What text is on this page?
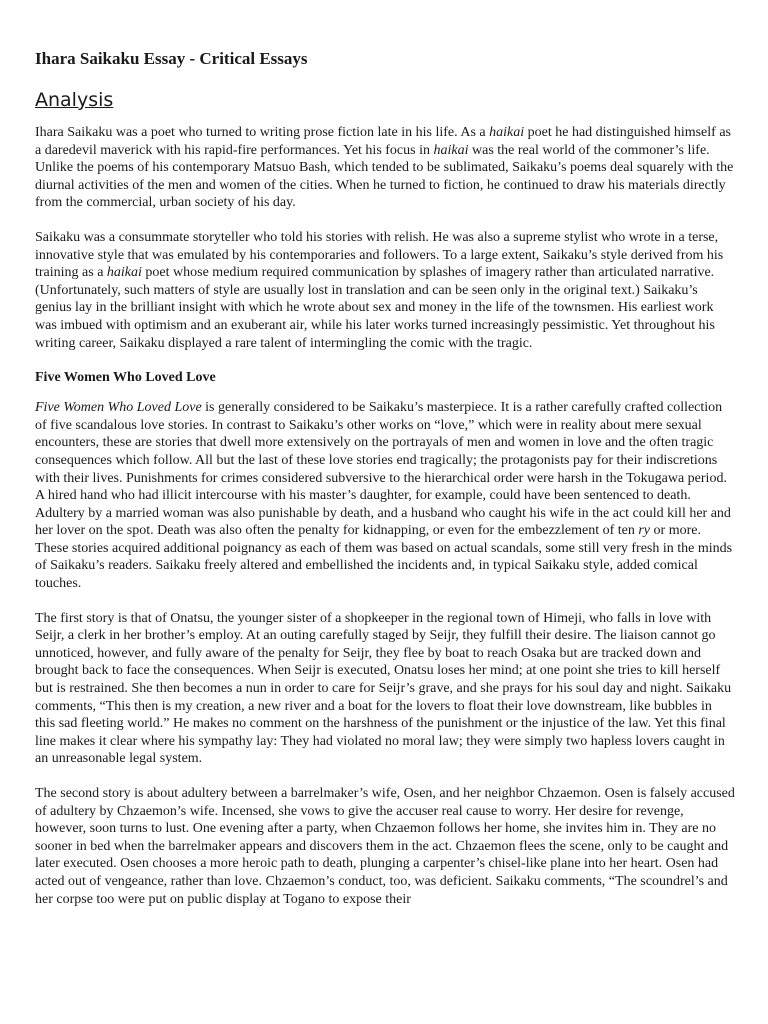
Ihara Saikaku Essay - Critical Essays
Analysis

Ihara Saikaku was a poet who turned to writing prose fiction late in his life. As a haikai poet he had distinguished himself as a daredevil maverick with his rapid-fire performances. Yet his focus in haikai was the real world of the commoner’s life. Unlike the poems of his contemporary Matsuo Bash, which tended to be sublimated, Saikaku’s poems deal squarely with the diurnal activities of the men and women of the cities. When he turned to fiction, he continued to draw his materials directly from the commercial, urban society of his day.

Saikaku was a consummate storyteller who told his stories with relish. He was also a supreme stylist who wrote in a terse, innovative style that was emulated by his contemporaries and followers. To a large extent, Saikaku’s style derived from his training as a haikai poet whose medium required communication by splashes of imagery rather than articulated narrative. (Unfortunately, such matters of style are usually lost in translation and can be seen only in the original text.) Saikaku’s genius lay in the brilliant insight with which he wrote about sex and money in the life of the townsmen. His earliest work was imbued with optimism and an exuberant air, while his later works turned increasingly pessimistic. Yet throughout his writing career, Saikaku displayed a rare talent of intermingling the comic with the tragic.

Five Women Who Loved Love

Five Women Who Loved Love is generally considered to be Saikaku’s masterpiece. It is a rather carefully crafted collection of five scandalous love stories. In contrast to Saikaku’s other works on “love,” which were in reality about mere sexual encounters, these are stories that dwell more extensively on the portrayals of men and women in love and the often tragic consequences which follow. All but the last of these love stories end tragically; the protagonists pay for their indiscretions with their lives. Punishments for crimes considered subversive to the hierarchical order were harsh in the Tokugawa period. A hired hand who had illicit intercourse with his master’s daughter, for example, could have been sentenced to death. Adultery by a married woman was also punishable by death, and a husband who caught his wife in the act could kill her and her lover on the spot. Death was also often the penalty for kidnapping, or even for the embezzlement of ten ry or more. These stories acquired additional poignancy as each of them was based on actual scandals, some still very fresh in the minds of Saikaku’s readers. Saikaku freely altered and embellished the incidents and, in typical Saikaku style, added comical touches.

The first story is that of Onatsu, the younger sister of a shopkeeper in the regional town of Himeji, who falls in love with Seijr, a clerk in her brother’s employ. At an outing carefully staged by Seijr, they fulfill their desire. The liaison cannot go unnoticed, however, and fully aware of the penalty for Seijr, they flee by boat to reach Osaka but are tracked down and brought back to face the consequences. When Seijr is executed, Onatsu loses her mind; at one point she tries to kill herself but is restrained. She then becomes a nun in order to care for Seijr’s grave, and she prays for his soul day and night. Saikaku comments, “This then is my creation, a new river and a boat for the lovers to float their love downstream, like bubbles in this sad fleeting world.” He makes no comment on the harshness of the punishment or the injustice of the law. Yet this final line makes it clear where his sympathy lay: They had violated no moral law; they were simply two hapless lovers caught in an unreasonable legal system.

The second story is about adultery between a barrelmaker’s wife, Osen, and her neighbor Chzaemon. Osen is falsely accused of adultery by Chzaemon’s wife. Incensed, she vows to give the accuser real cause to worry. Her desire for revenge, however, soon turns to lust. One evening after a party, when Chzaemon follows her home, she invites him in. They are no sooner in bed when the barrelmaker appears and discovers them in the act. Chzaemon flees the scene, only to be caught and later executed. Osen chooses a more heroic path to death, plunging a carpenter’s chisel-like plane into her heart. Osen had acted out of vengeance, rather than love. Chzaemon’s conduct, too, was deficient. Saikaku comments, “The scoundrel’s and her corpse too were put on public display at Togano to expose their
